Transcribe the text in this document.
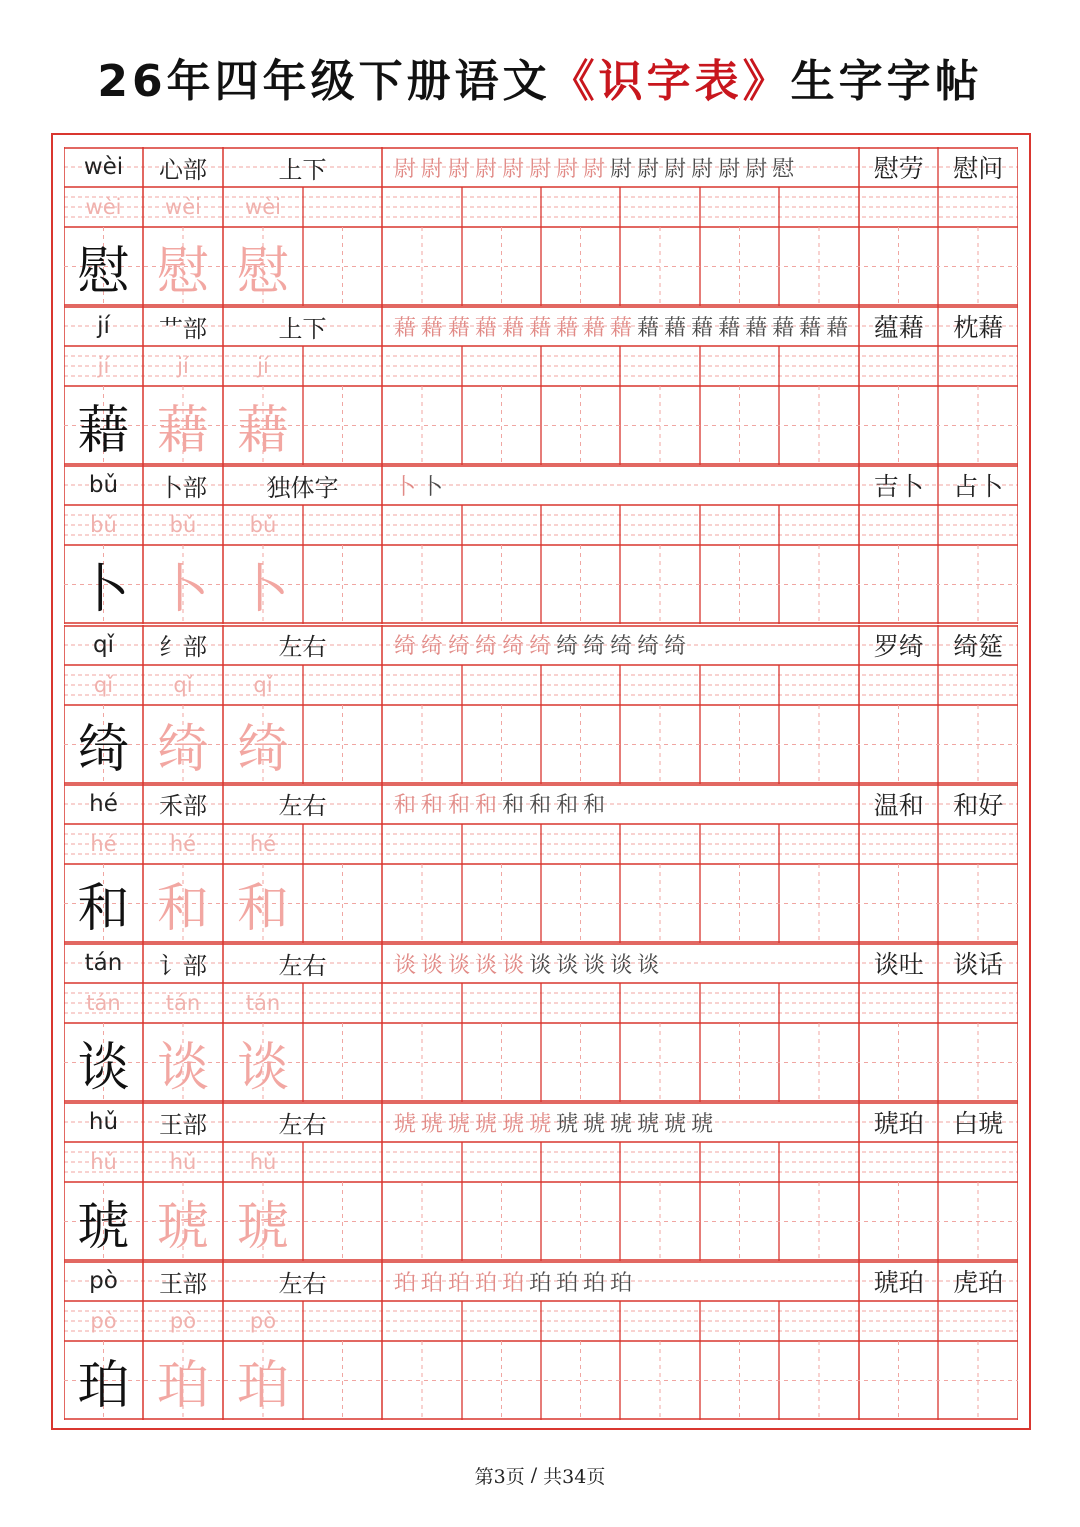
26年四年级下册语文 《识字表》 生字字帖
wèi	心部	上下	尉 尉 尉 尉 尉 尉 尉 尉 尉 尉 尉 尉 尉 尉 慰	慰劳 慰问
wèi	wèi	wèi
慰 慰 慰
jí	艹部	上下	藉 藉 藉 藉 藉 藉 藉 藉 藉 藉 藉 藉 藉 藉 藉 藉 藉 蕴藉 枕藉
jí	jí	jí
藉 藉 藉
bǔ	卜部	独体字	卜 卜	吉卜 占卜
bǔ	bǔ	bǔ
卜 卜 卜
qǐ	纟部	左右	绮 绮 绮 绮 绮 绮 绮 绮 绮 绮 绮	罗绮 绮筵
qǐ	qǐ	qǐ
绮 绮 绮
hé	禾部	左右	和 和 和 和 和 和 和 和	温和 和好
hé	hé	hé
和 和 和
tán	讠部	左右	谈 谈 谈 谈 谈 谈 谈 谈 谈 谈	谈吐 谈话
tán	tán	tán
谈 谈 谈
hǔ	王部	左右	琥 琥 琥 琥 琥 琥 琥 琥 琥 琥 琥 琥	琥珀 白琥
hǔ	hǔ	hǔ
琥 琥 琥
pò	王部	左右	珀 珀 珀 珀 珀 珀 珀 珀 珀	琥珀 虎珀
pò	pò	pò
珀 珀 珀
第3页 / 共34页
